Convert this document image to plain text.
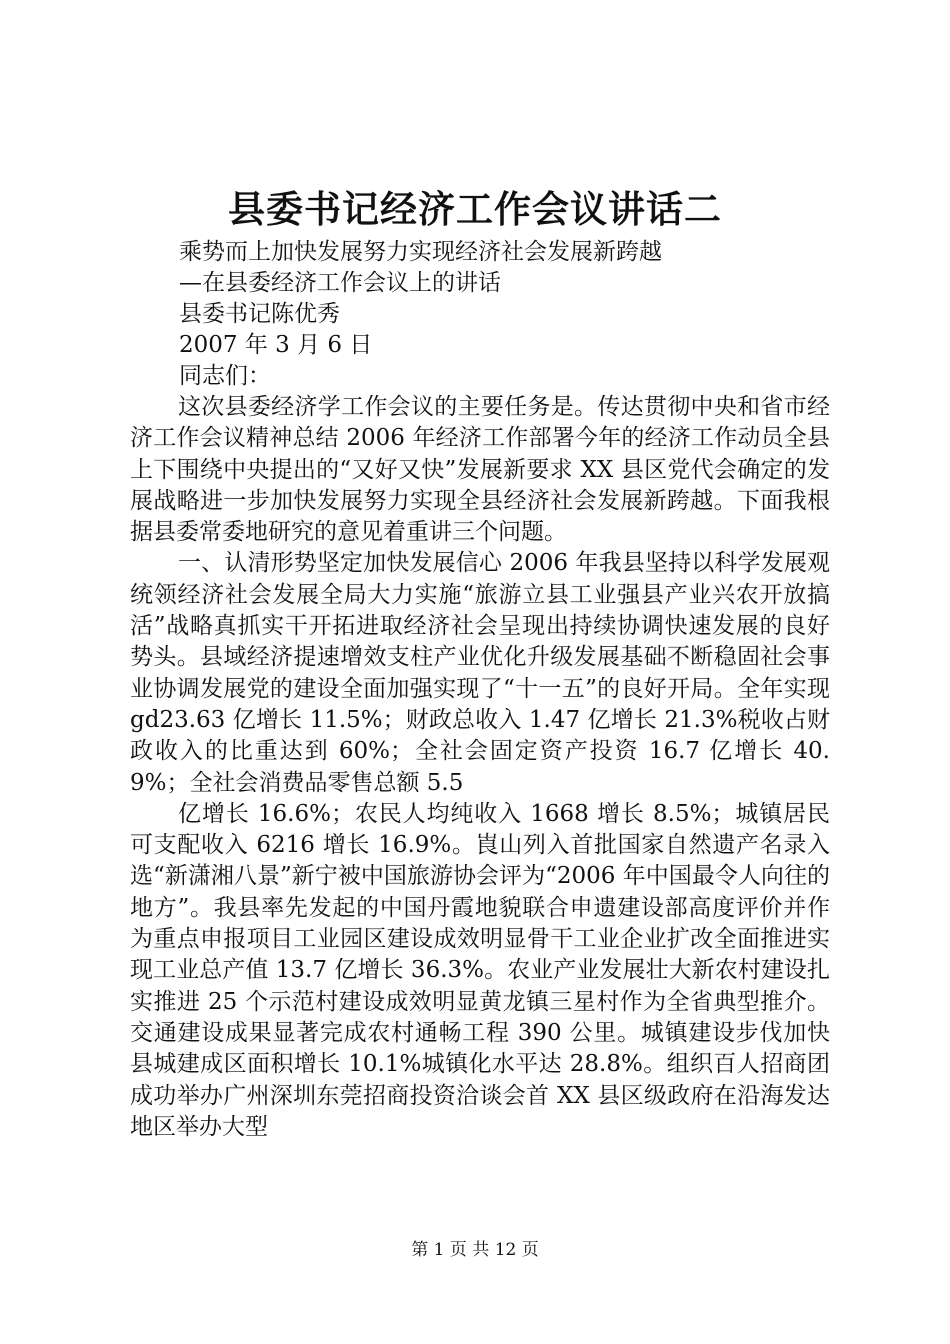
县委书记经济工作会议讲话二
乘势而上加快发展努力实现经济社会发展新跨越
—在县委经济工作会议上的讲话
县委书记陈优秀
2007 年 3 月 6 日
同志们：

这次县委经济学工作会议的主要任务是。传达贯彻中央和省市经济工作会议精神总结 2006 年经济工作部署今年的经济工作动员全县上下围绕中央提出的“又好又快”发展新要求 XX 县区党代会确定的发展战略进一步加快发展努力实现全县经济社会发展新跨越。下面我根据县委常委地研究的意见着重讲三个问题。

一、认清形势坚定加快发展信心 2006 年我县坚持以科学发展观统领经济社会发展全局大力实施“旅游立县工业强县产业兴农开放搞活”战略真抓实干开拓进取经济社会呈现出持续协调快速发展的良好势头。县域经济提速增效支柱产业优化升级发展基础不断稳固社会事业协调发展党的建设全面加强实现了“十一五”的良好开局。全年实现 gd23.63 亿增长 11.5%；财政总收入 1.47 亿增长 21.3%税收占财政收入的比重达到 60%；全社会固定资产投资 16.7 亿增长 40.9%；全社会消费品零售总额 5.5

亿增长 16.6%；农民人均纯收入 1668 增长 8.5%；城镇居民可支配收入 6216 增长 16.9%。崀山列入首批国家自然遗产名录入选“新潇湘八景”新宁被中国旅游协会评为“2006 年中国最令人向往的地方”。我县率先发起的中国丹霞地貌联合申遗建设部高度评价并作为重点申报项目工业园区建设成效明显骨干工业企业扩改全面推进实现工业总产值 13.7 亿增长 36.3%。农业产业发展壮大新农村建设扎实推进 25 个示范村建设成效明显黄龙镇三星村作为全省典型推介。交通建设成果显著完成农村通畅工程 390 公里。城镇建设步伐加快县城建成区面积增长 10.1%城镇化水平达 28.8%。组织百人招商团成功举办广州深圳东莞招商投资洽谈会首 XX 县区级政府在沿海发达地区举办大型

第 1 页 共 12 页
